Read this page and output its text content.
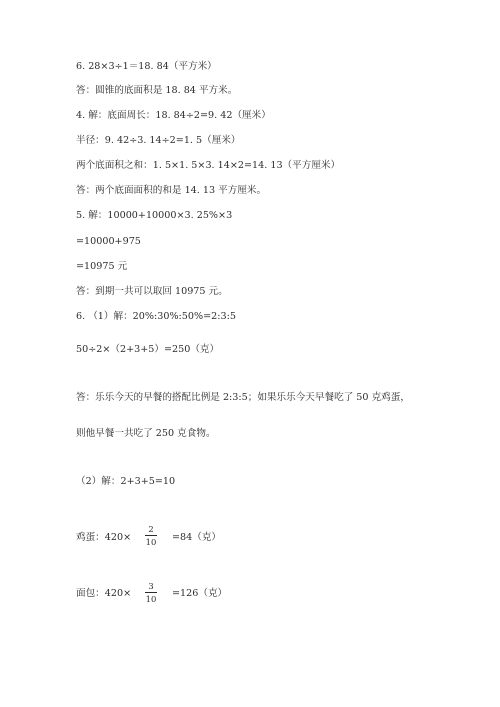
6. 28×3÷1＝18. 84（平方米）
答：圆锥的底面积是 18. 84 平方米。
4. 解：底面周长：18. 84÷2=9. 42（厘米）
半径：9. 42÷3. 14÷2=1. 5（厘米）
两个底面积之和：1. 5×1. 5×3. 14×2=14. 13（平方厘米）
答：两个底面面积的和是 14. 13 平方厘米。
5. 解：10000+10000×3. 25%×3
=10000+975
=10975 元
答：到期一共可以取回 10975 元。
6. （1）解：20%:30%:50%=2:3:5
50÷2×（2+3+5）=250（克）
答：乐乐今天的早餐的搭配比例是 2:3:5；如果乐乐今天早餐吃了 50 克鸡蛋，
则他早餐一共吃了 250 克食物。
（2）解：2+3+5=10
鸡蛋：420×
2
10 =84（克）
面包：420×
3
10 =126（克）
